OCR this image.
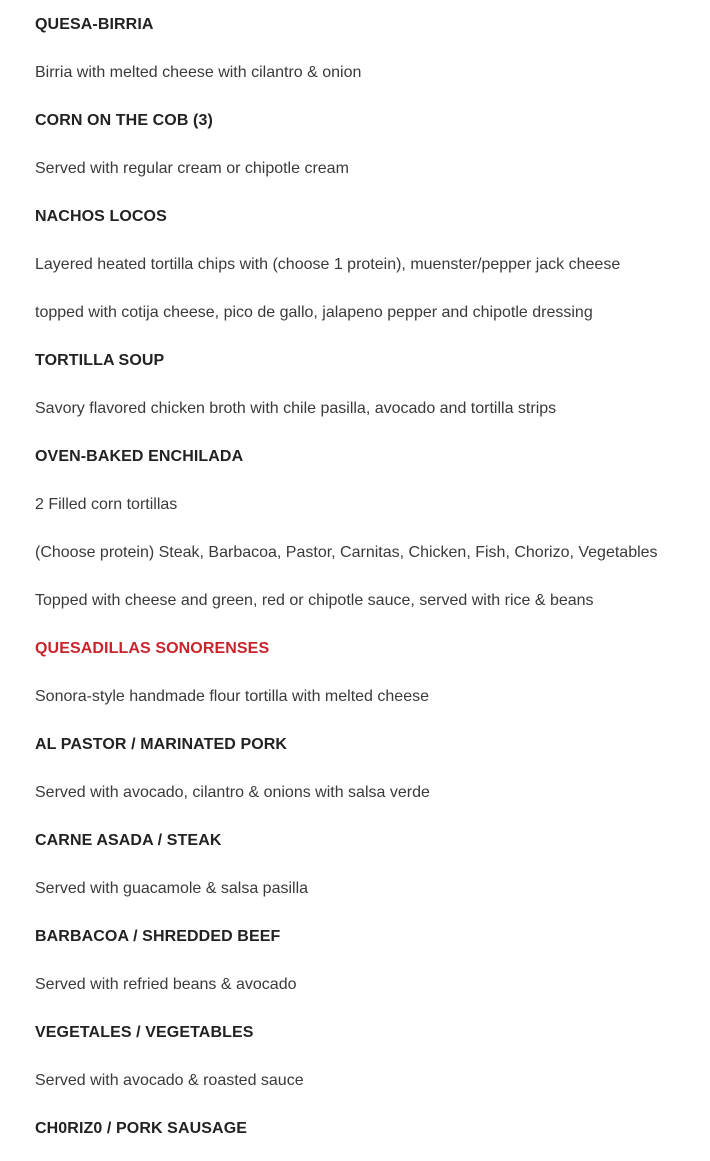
QUESA-BIRRIA
Birria with melted cheese with cilantro & onion
CORN ON THE COB (3)
Served with regular cream or chipotle cream
NACHOS LOCOS
Layered heated tortilla chips with (choose 1 protein), muenster/pepper jack cheese
topped with cotija cheese, pico de gallo, jalapeno pepper and chipotle dressing
TORTILLA SOUP
Savory flavored chicken broth with chile pasilla, avocado and tortilla strips
OVEN-BAKED ENCHILADA
2 Filled corn tortillas
(Choose protein) Steak, Barbacoa, Pastor, Carnitas, Chicken, Fish, Chorizo, Vegetables
Topped with cheese and green, red or chipotle sauce, served with rice & beans
QUESADILLAS SONORENSES
Sonora-style handmade flour tortilla with melted cheese
AL PASTOR / MARINATED PORK
Served with avocado, cilantro & onions with salsa verde
CARNE ASADA / STEAK
Served with guacamole & salsa pasilla
BARBACOA / SHREDDED BEEF
Served with refried beans & avocado
VEGETALES / VEGETABLES
Served with avocado & roasted sauce
CH0RIZ0 / PORK SAUSAGE
